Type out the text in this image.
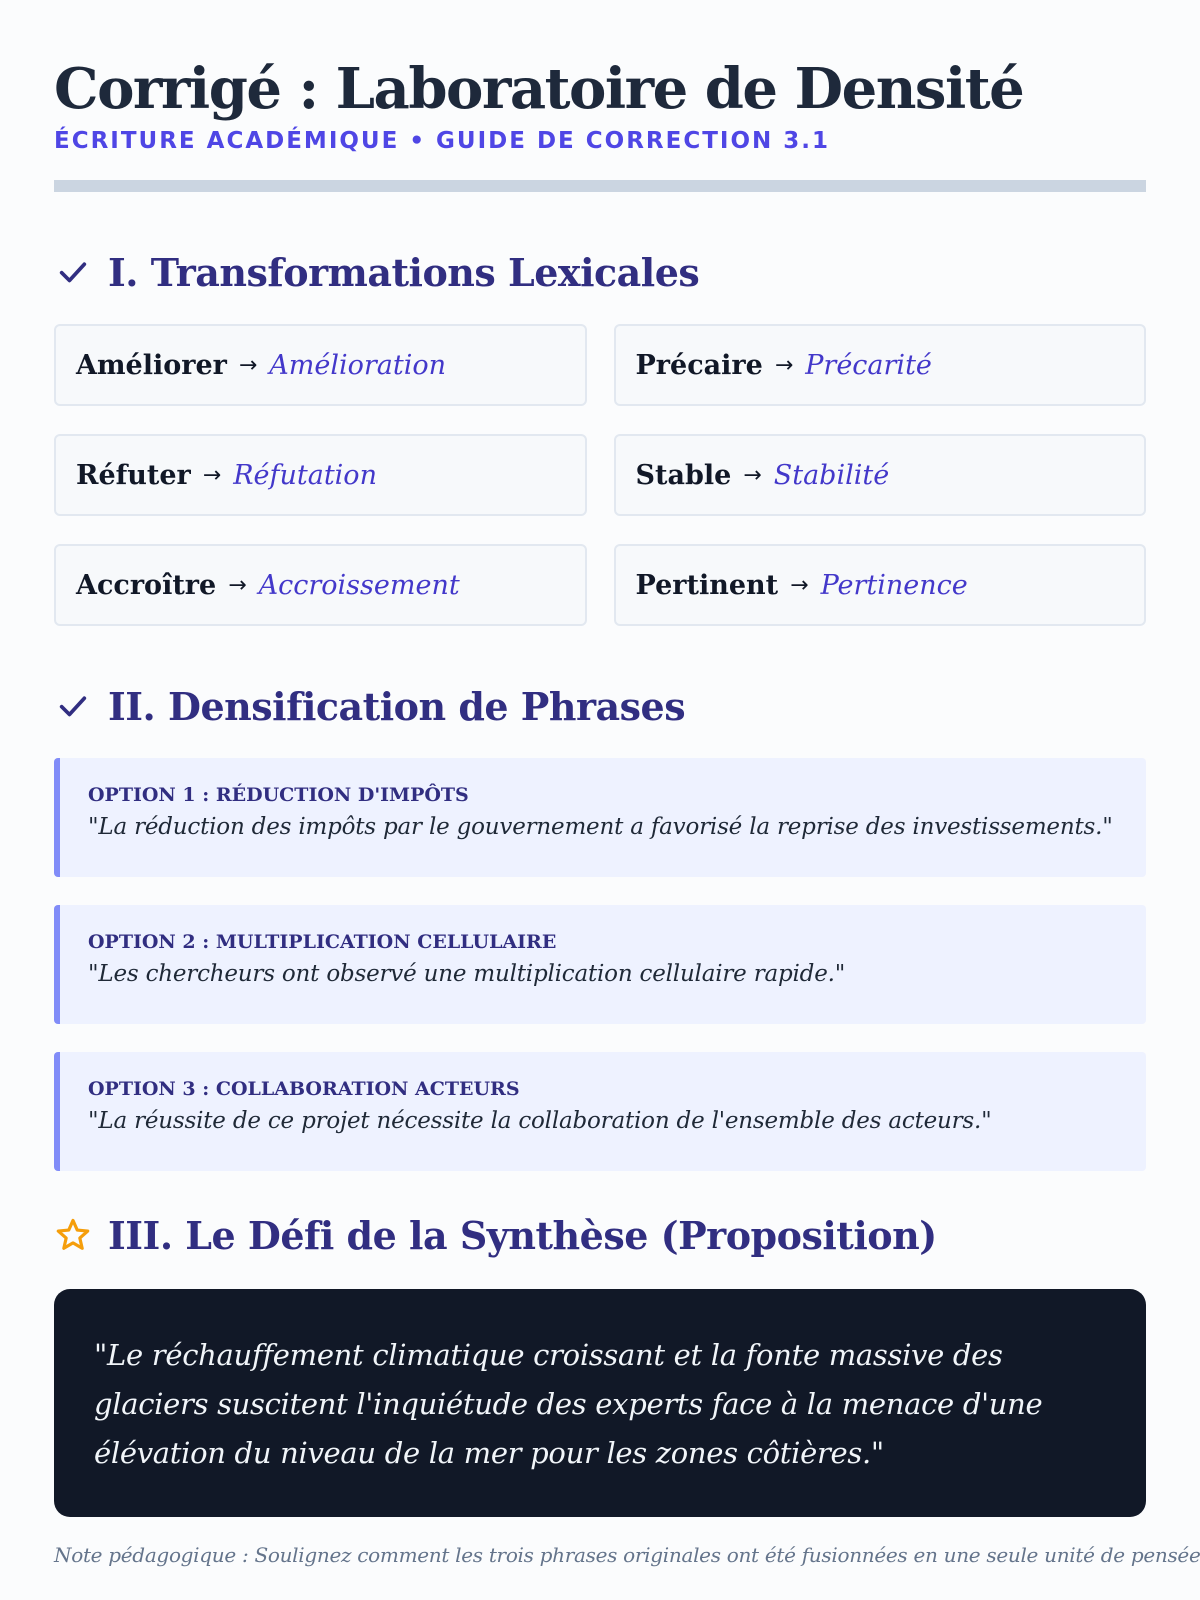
Corrigé : Laboratoire de Densité
ÉCRITURE ACADÉMIQUE • GUIDE DE CORRECTION 3.1
I. Transformations Lexicales
Améliorer → Amélioration	Précaire → Précarité
Réfuter → Réfutation	Stable → Stabilité
Accroître → Accroissement	Pertinent → Pertinence
II. Densification de Phrases
OPTION 1 : RÉDUCTION D'IMPÔTS
"La réduction des impôts par le gouvernement a favorisé la reprise des investissements."
OPTION 2 : MULTIPLICATION CELLULAIRE
"Les chercheurs ont observé une multiplication cellulaire rapide."
OPTION 3 : COLLABORATION ACTEURS
"La réussite de ce projet nécessite la collaboration de l'ensemble des acteurs."
III. Le Défi de la Synthèse (Proposition)

"Le réchauffement climatique croissant et la fonte massive des glaciers suscitent l'inquiétude des experts face à la menace d'une élévation du niveau de la mer pour les zones côtières."

Note pédagogique : Soulignez comment les trois phrases originales ont été fusionnées en une seule unité de pensée
